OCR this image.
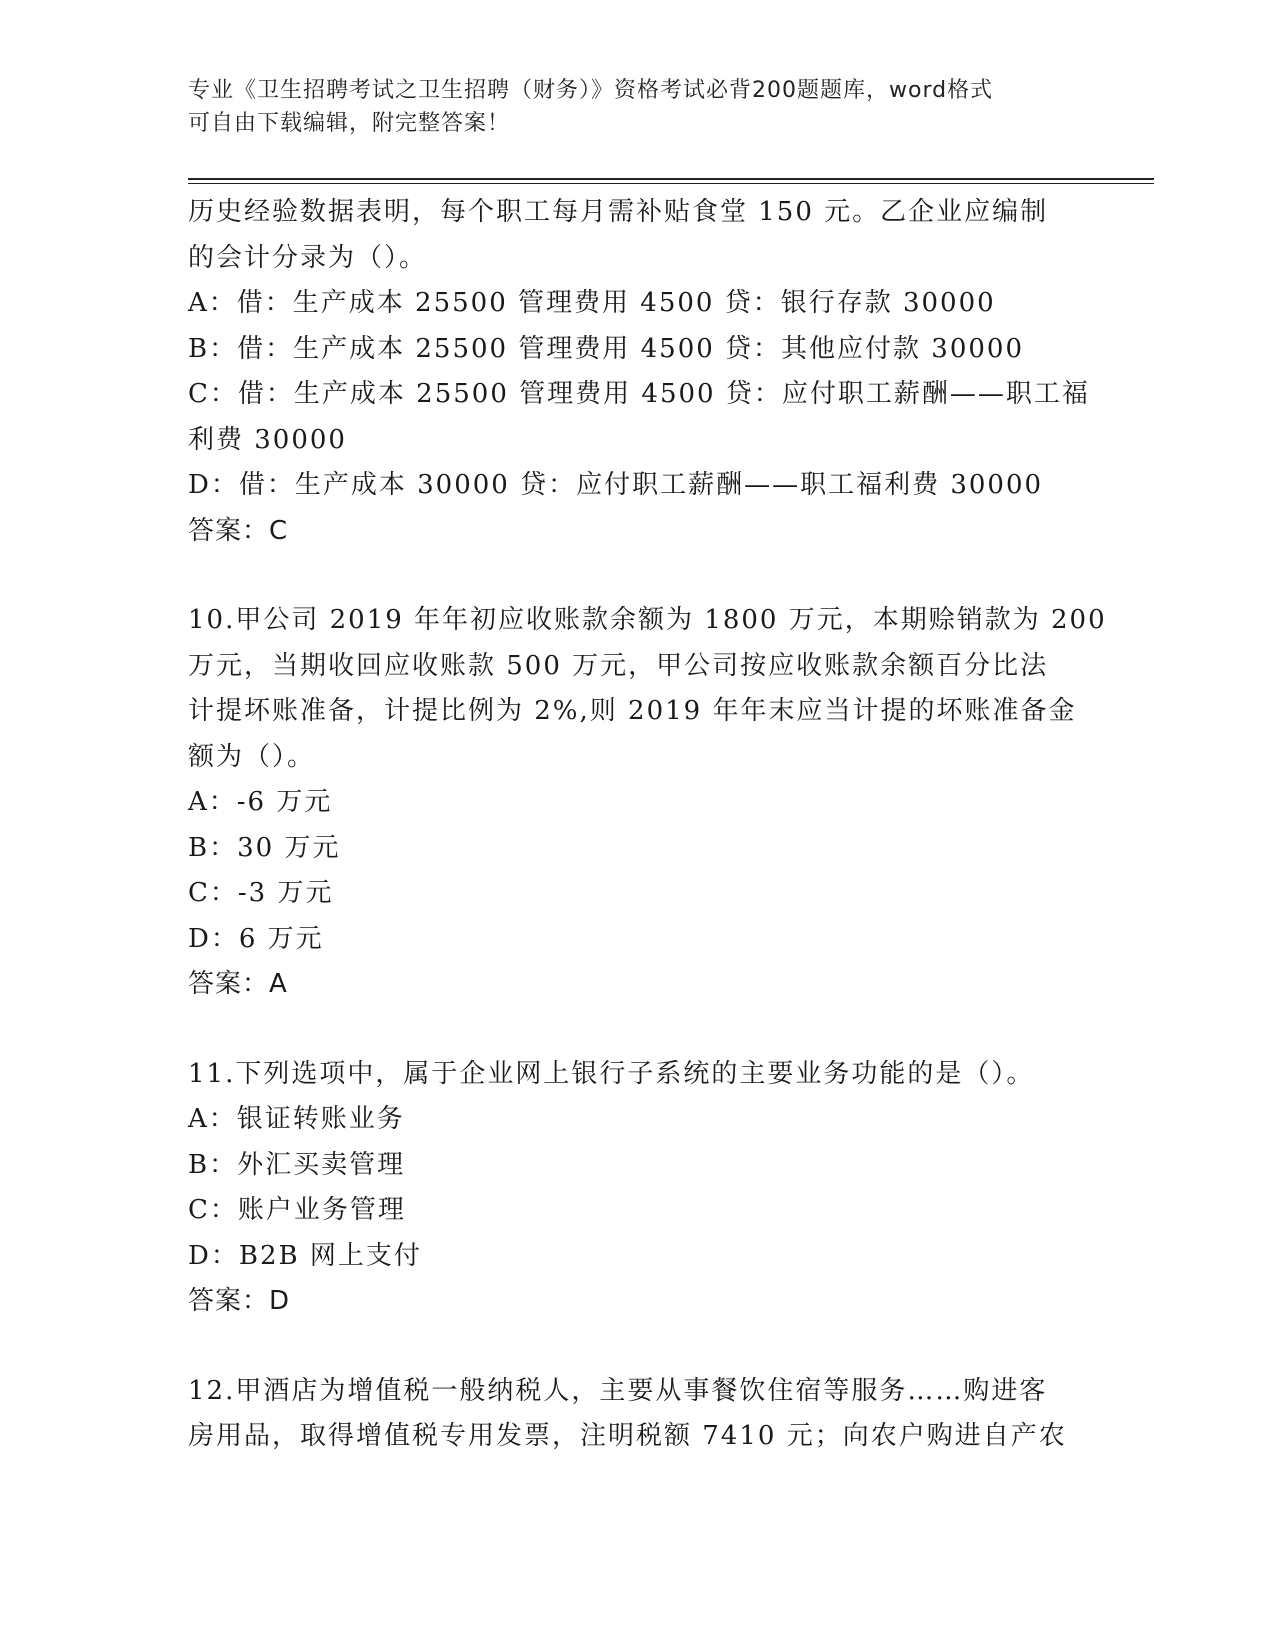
专业《卫生招聘考试之卫生招聘（财务）》资格考试必背200题题库，word格式
可自由下载编辑，附完整答案！
历史经验数据表明，每个职工每月需补贴食堂 150 元。乙企业应编制
的会计分录为（）。
A：借：生产成本 25500 管理费用 4500 贷：银行存款 30000
B：借：生产成本 25500 管理费用 4500 贷：其他应付款 30000
C：借：生产成本 25500 管理费用 4500 贷：应付职工薪酬——职工福
利费 30000
D：借：生产成本 30000 贷：应付职工薪酬——职工福利费 30000
答案：C
10.甲公司 2019 年年初应收账款余额为 1800 万元，本期赊销款为 200
万元，当期收回应收账款 500 万元，甲公司按应收账款余额百分比法
计提坏账准备，计提比例为 2%,则 2019 年年末应当计提的坏账准备金
额为（）。
A：-6 万元
B：30 万元
C：-3 万元
D：6 万元
答案：A
11.下列选项中，属于企业网上银行子系统的主要业务功能的是（）。
A：银证转账业务
B：外汇买卖管理
C：账户业务管理
D：B2B 网上支付
答案：D
12.甲酒店为增值税一般纳税人，主要从事餐饮住宿等服务……购进客
房用品，取得增值税专用发票，注明税额 7410 元；向农户购进自产农
